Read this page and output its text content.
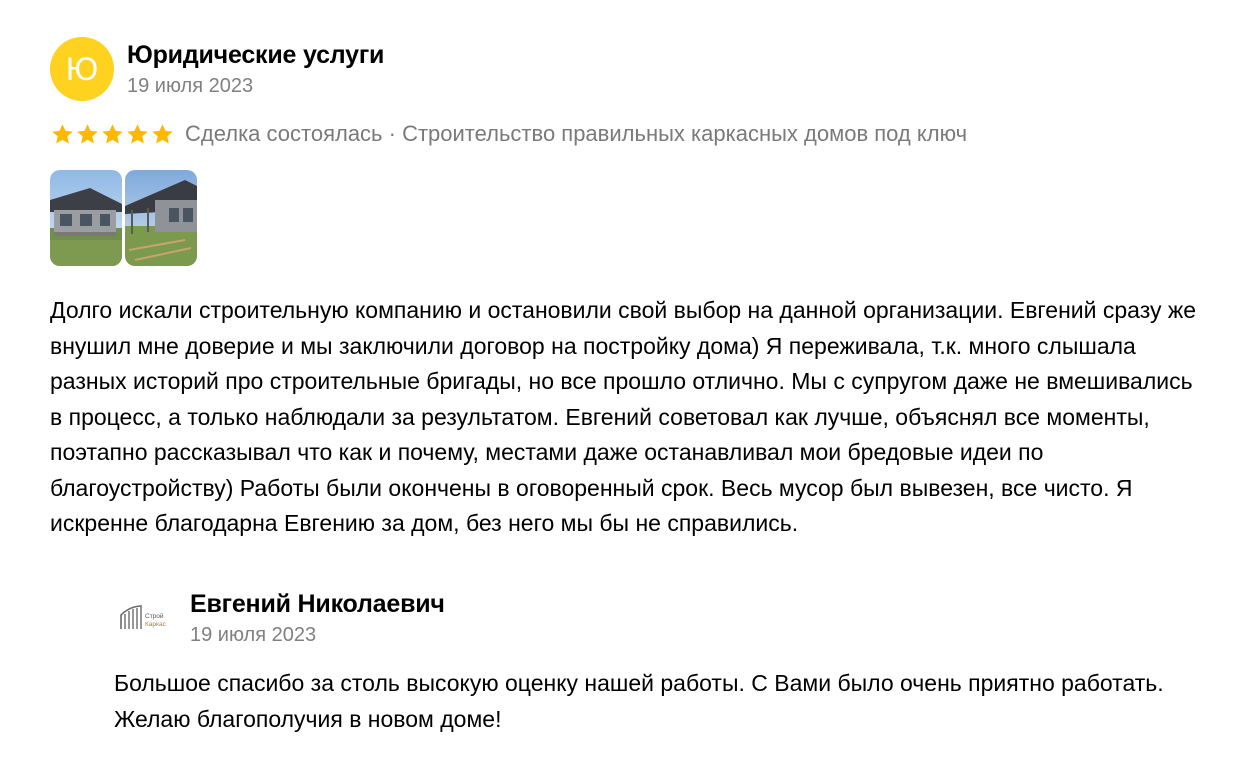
Ю	Юридические услуги
19 июля 2023
Сделка состоялась · Строительство правильных каркасных домов под ключ
Долго искали строительную компанию и остановили свой выбор на данной организации. Евгений сразу же внушил мне доверие и мы заключили договор на постройку дома) Я переживала, т.к. много слышала разных историй про строительные бригады, но все прошло отлично. Мы с супругом даже не вмешивались в процесс, а только наблюдали за результатом. Евгений советовал как лучше, объяснял все моменты, поэтапно рассказывал что как и почему, местами даже останавливал мои бредовые идеи по благоустройству) Работы были окончены в оговоренный срок. Весь мусор был вывезен, все чисто. Я искренне благодарна Евгению за дом, без него мы бы не справились.
Строй
Каркас
Евгений Николаевич
19 июля 2023
Большое спасибо за столь высокую оценку нашей работы. С Вами было очень приятно работать. Желаю благополучия в новом доме!
